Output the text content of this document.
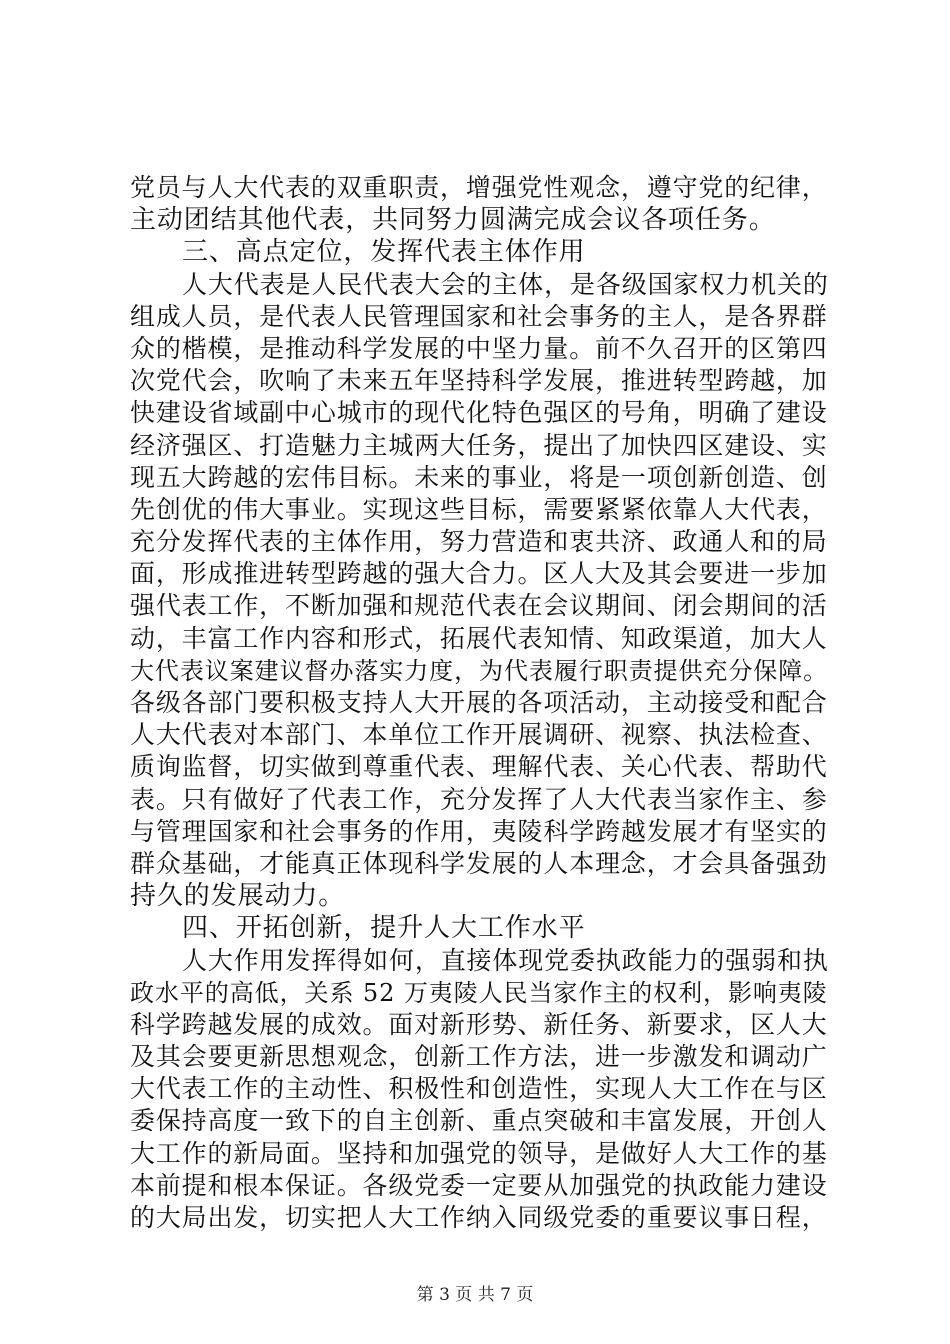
党员与人大代表的双重职责，增强党性观念，遵守党的纪律，
主动团结其他代表，共同努力圆满完成会议各项任务。
三、高点定位，发挥代表主体作用
人大代表是人民代表大会的主体，是各级国家权力机关的
组成人员，是代表人民管理国家和社会事务的主人，是各界群
众的楷模，是推动科学发展的中坚力量。前不久召开的区第四
次党代会，吹响了未来五年坚持科学发展，推进转型跨越，加
快建设省域副中心城市的现代化特色强区的号角，明确了建设
经济强区、打造魅力主城两大任务，提出了加快四区建设、实
现五大跨越的宏伟目标。未来的事业，将是一项创新创造、创
先创优的伟大事业。实现这些目标，需要紧紧依靠人大代表，
充分发挥代表的主体作用，努力营造和衷共济、政通人和的局
面，形成推进转型跨越的强大合力。区人大及其会要进一步加
强代表工作，不断加强和规范代表在会议期间、闭会期间的活
动，丰富工作内容和形式，拓展代表知情、知政渠道，加大人
大代表议案建议督办落实力度，为代表履行职责提供充分保障。
各级各部门要积极支持人大开展的各项活动，主动接受和配合
人大代表对本部门、本单位工作开展调研、视察、执法检查、
质询监督，切实做到尊重代表、理解代表、关心代表、帮助代
表。只有做好了代表工作，充分发挥了人大代表当家作主、参
与管理国家和社会事务的作用，夷陵科学跨越发展才有坚实的
群众基础，才能真正体现科学发展的人本理念，才会具备强劲
持久的发展动力。
四、开拓创新，提升人大工作水平
人大作用发挥得如何，直接体现党委执政能力的强弱和执
政水平的高低，关系 52 万夷陵人民当家作主的权利，影响夷陵
科学跨越发展的成效。面对新形势、新任务、新要求，区人大
及其会要更新思想观念，创新工作方法，进一步激发和调动广
大代表工作的主动性、积极性和创造性，实现人大工作在与区
委保持高度一致下的自主创新、重点突破和丰富发展，开创人
大工作的新局面。坚持和加强党的领导，是做好人大工作的基
本前提和根本保证。各级党委一定要从加强党的执政能力建设
的大局出发，切实把人大工作纳入同级党委的重要议事日程，
第 3 页 共 7 页
